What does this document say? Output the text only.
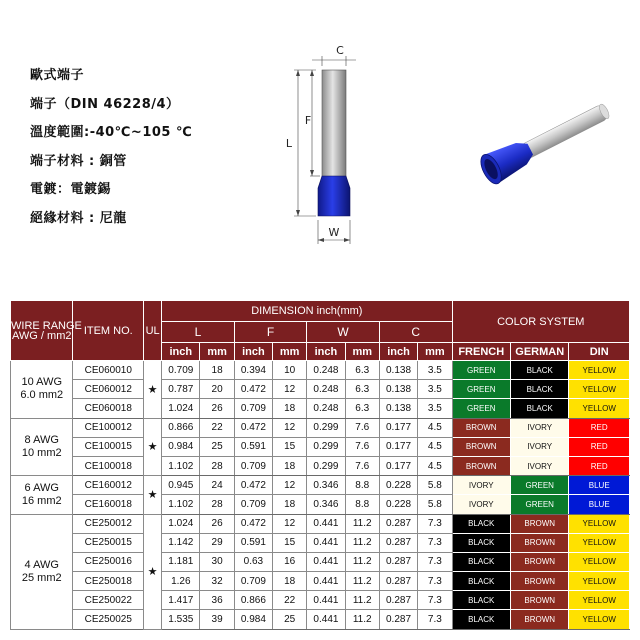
歐式端子
端子（DIN 46228/4）
溫度範圍:-40℃~105 ℃
端子材料 : 銅管
電鍍：電鍍錫
絕緣材料 : 尼龍
C
L
F
W
WIRE RANGE
AWG / mm2	ITEM NO.	UL	DIMENSION inch(mm)								COLOR SYSTEM		
			L		F		W		C				
			inch	mm	inch	mm	inch	mm	inch	mm	FRENCH	GERMAN	DIN
10 AWG
6.0 mm2	CE060010	★	0.709	18	0.394	10	0.248	6.3	0.138	3.5	GREEN	BLACK	YELLOW
	CE060012		0.787	20	0.472	12	0.248	6.3	0.138	3.5	GREEN	BLACK	YELLOW
	CE060018		1.024	26	0.709	18	0.248	6.3	0.138	3.5	GREEN	BLACK	YELLOW
8 AWG
10 mm2	CE100012	★	0.866	22	0.472	12	0.299	7.6	0.177	4.5	BROWN	IVORY	RED
	CE100015		0.984	25	0.591	15	0.299	7.6	0.177	4.5	BROWN	IVORY	RED
	CE100018		1.102	28	0.709	18	0.299	7.6	0.177	4.5	BROWN	IVORY	RED
6 AWG
16 mm2	CE160012	★	0.945	24	0.472	12	0.346	8.8	0.228	5.8	IVORY	GREEN	BLUE
	CE160018		1.102	28	0.709	18	0.346	8.8	0.228	5.8	IVORY	GREEN	BLUE
4 AWG
25 mm2	CE250012	★	1.024	26	0.472	12	0.441	11.2	0.287	7.3	BLACK	BROWN	YELLOW
	CE250015		1.142	29	0.591	15	0.441	11.2	0.287	7.3	BLACK	BROWN	YELLOW
	CE250016		1.181	30	0.63	16	0.441	11.2	0.287	7.3	BLACK	BROWN	YELLOW
	CE250018		1.26	32	0.709	18	0.441	11.2	0.287	7.3	BLACK	BROWN	YELLOW
	CE250022		1.417	36	0.866	22	0.441	11.2	0.287	7.3	BLACK	BROWN	YELLOW
	CE250025		1.535	39	0.984	25	0.441	11.2	0.287	7.3	BLACK	BROWN	YELLOW
